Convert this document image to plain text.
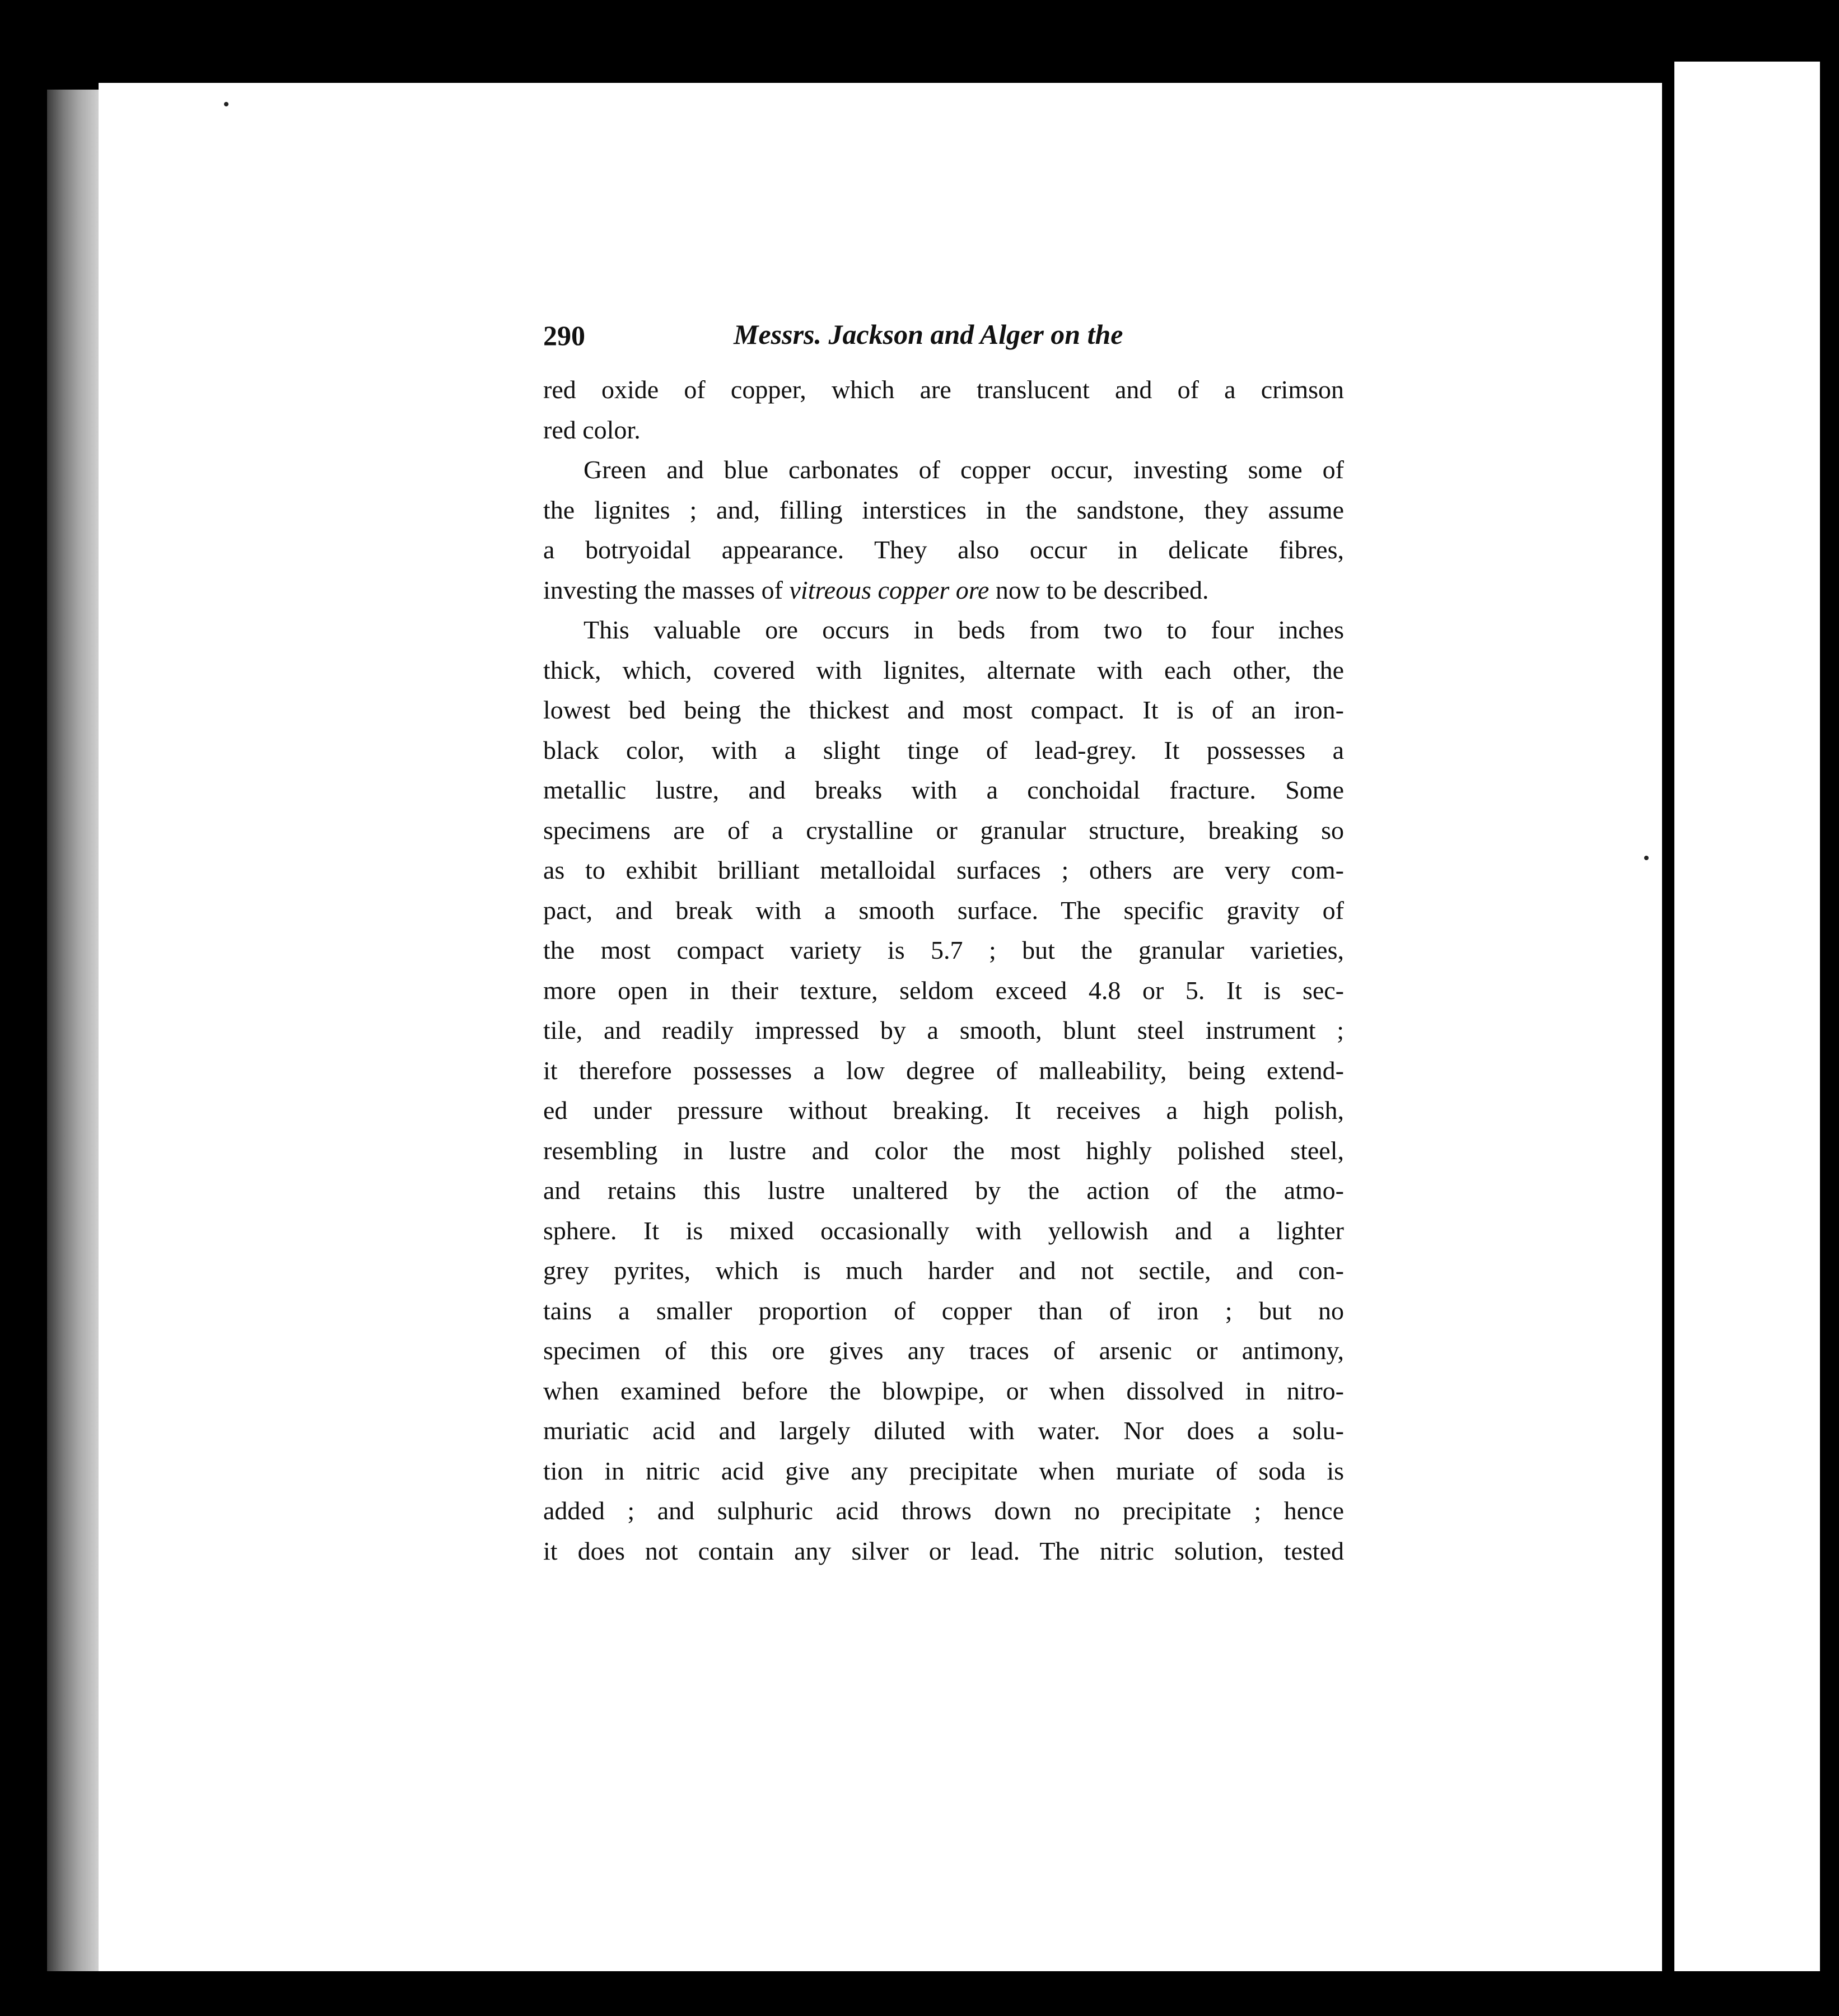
290	Messrs. Jackson and Alger on the
red oxide of copper, which are translucent and of a crimson
red color.
Green and blue carbonates of copper occur, investing some of
the lignites ; and, filling interstices in the sandstone, they assume
a botryoidal appearance. They also occur in delicate fibres,
investing the masses of vitreous copper ore now to be described.
This valuable ore occurs in beds from two to four inches
thick, which, covered with lignites, alternate with each other, the
lowest bed being the thickest and most compact. It is of an iron-
black color, with a slight tinge of lead-grey. It possesses a
metallic lustre, and breaks with a conchoidal fracture. Some
specimens are of a crystalline or granular structure, breaking so
as to exhibit brilliant metalloidal surfaces ; others are very com-
pact, and break with a smooth surface. The specific gravity of
the most compact variety is 5.7 ; but the granular varieties,
more open in their texture, seldom exceed 4.8 or 5. It is sec-
tile, and readily impressed by a smooth, blunt steel instrument ;
it therefore possesses a low degree of malleability, being extend-
ed under pressure without breaking. It receives a high polish,
resembling in lustre and color the most highly polished steel,
and retains this lustre unaltered by the action of the atmo-
sphere. It is mixed occasionally with yellowish and a lighter
grey pyrites, which is much harder and not sectile, and con-
tains a smaller proportion of copper than of iron ; but no
specimen of this ore gives any traces of arsenic or antimony,
when examined before the blowpipe, or when dissolved in nitro-
muriatic acid and largely diluted with water. Nor does a solu-
tion in nitric acid give any precipitate when muriate of soda is
added ; and sulphuric acid throws down no precipitate ; hence
it does not contain any silver or lead. The nitric solution, tested
